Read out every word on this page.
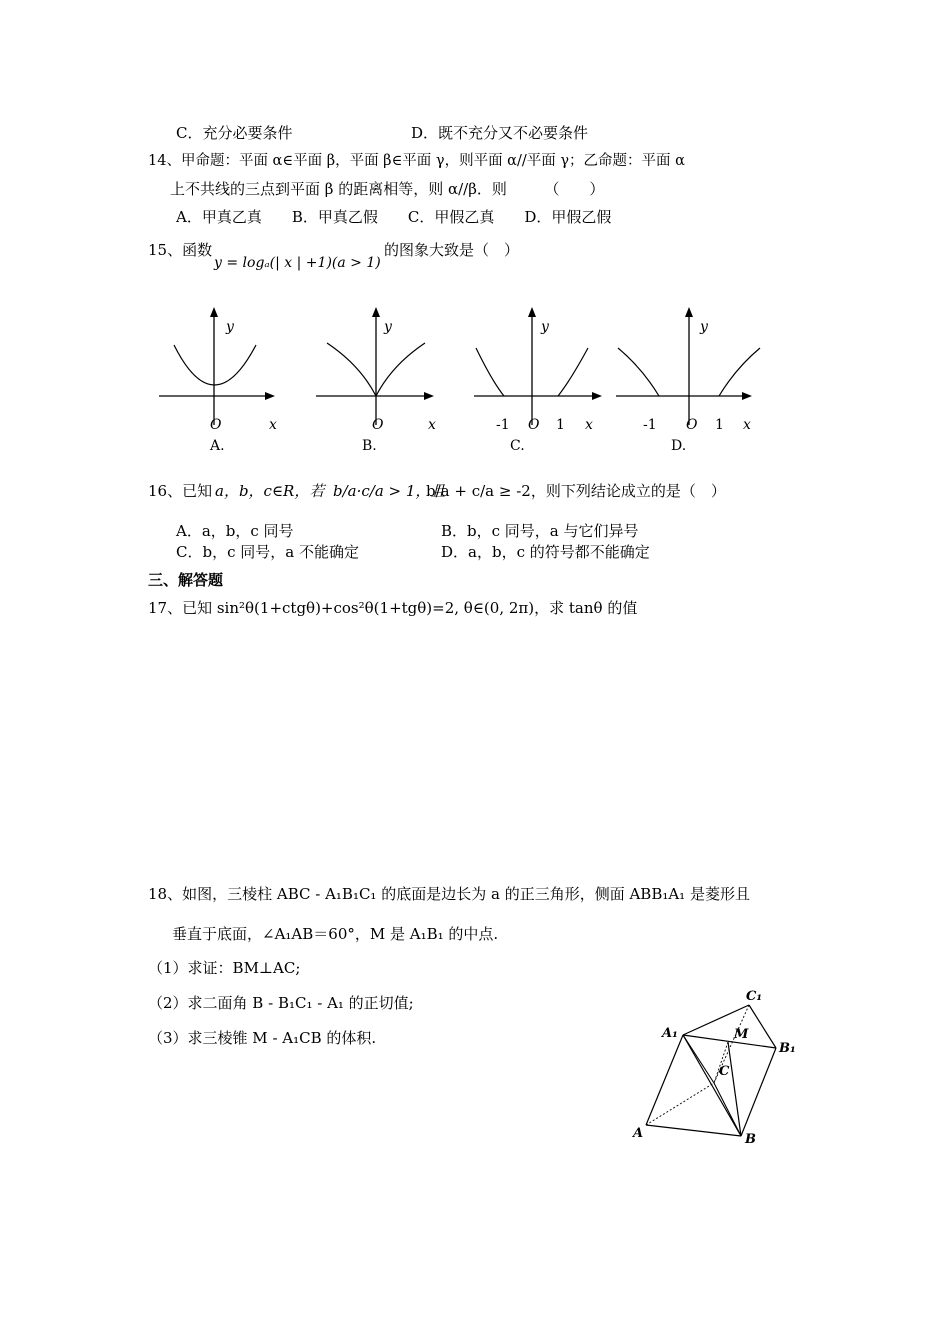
C．充分必要条件	D．既不充分又不必要条件
14、甲命题：平面 α∈平面 β，平面 β∈平面 γ，则平面 α//平面 γ；乙命题：平面 α
上不共线的三点到平面 β 的距离相等，则 α//β．则　　　（　　）
A．甲真乙真　　B．甲真乙假　　C．甲假乙真　　D．甲假乙假
15、函数
y = logₐ(| x | +1)(a > 1)
的图象大致是（　）
y
x
O
A.
y
x
O
B.
y
x
O
-1	1
C.
y
x
O
-1	1
D.
16、已知 a，b，c∈R，若 b/a·c/a > 1，且
b/a + c/a ≥ -2，则下列结论成立的是（　）
A．a，b，c 同号	B．b，c 同号，a 与它们异号
C．b，c 同号，a 不能确定	D．a，b，c 的符号都不能确定
三、解答题
17、已知 sin²θ(1+ctgθ)+cos²θ(1+tgθ)=2, θ∈(0, 2π)，求 tanθ 的值
18、如图，三棱柱 ABC - A₁B₁C₁ 的底面是边长为 a 的正三角形，侧面 ABB₁A₁ 是菱形且
垂直于底面，∠A₁AB＝60°，M 是 A₁B₁ 的中点.
（1）求证：BM⊥AC;
（2）求二面角 B - B₁C₁ - A₁ 的正切值;
（3）求三棱锥 M - A₁CB 的体积.
C₁
A₁	M
B₁
C
A	B
